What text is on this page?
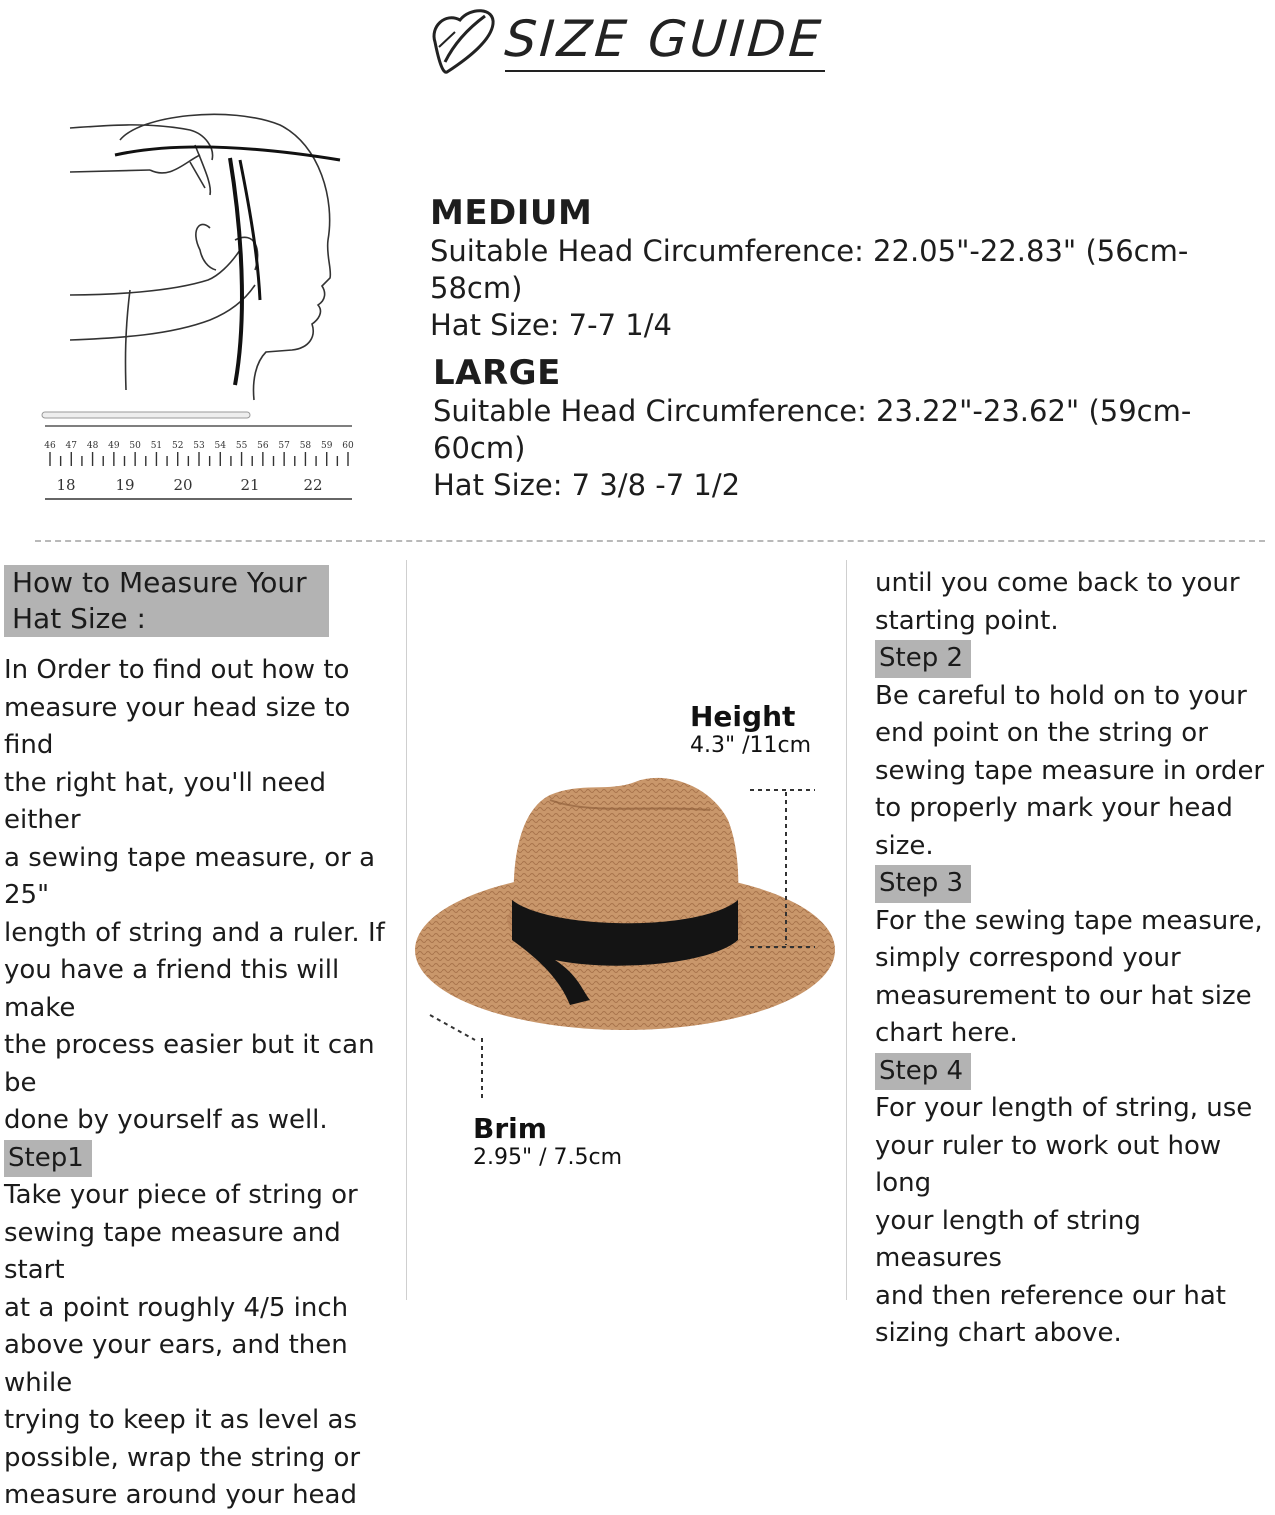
SIZE GUIDE
46 47 48 49 50 51 52 53 54 55 56 57 58 59 60
18	19	20	21	22
MEDIUM
Suitable Head Circumference: 22.05"-22.83" (56cm-58cm)
Hat Size: 7-7 1/4
LARGE
Suitable Head Circumference: 23.22"-23.62" (59cm-60cm)
Hat Size: 7 3/8 -7 1/2
How to Measure Your
Hat Size :
In Order to find out how to
measure your head size to find
the right hat, you'll need either
a sewing tape measure, or a 25"
length of string and a ruler. If
you have a friend this will make
the process easier but it can be
done by yourself as well.
Step1
Take your piece of string or
sewing tape measure and start
at a point roughly 4/5 inch
above your ears, and then while
trying to keep it as level as
possible, wrap the string or
measure around your head
Height
4.3" /11cm
Brim
2.95" / 7.5cm
until you come back to your
starting point.
Step 2
Be careful to hold on to your
end point on the string or
sewing tape measure in order
to properly mark your head
size.
Step 3
For the sewing tape measure,
simply correspond your
measurement to our hat size
chart here.
Step 4
For your length of string, use
your ruler to work out how long
your length of string measures
and then reference our hat
sizing chart above.
